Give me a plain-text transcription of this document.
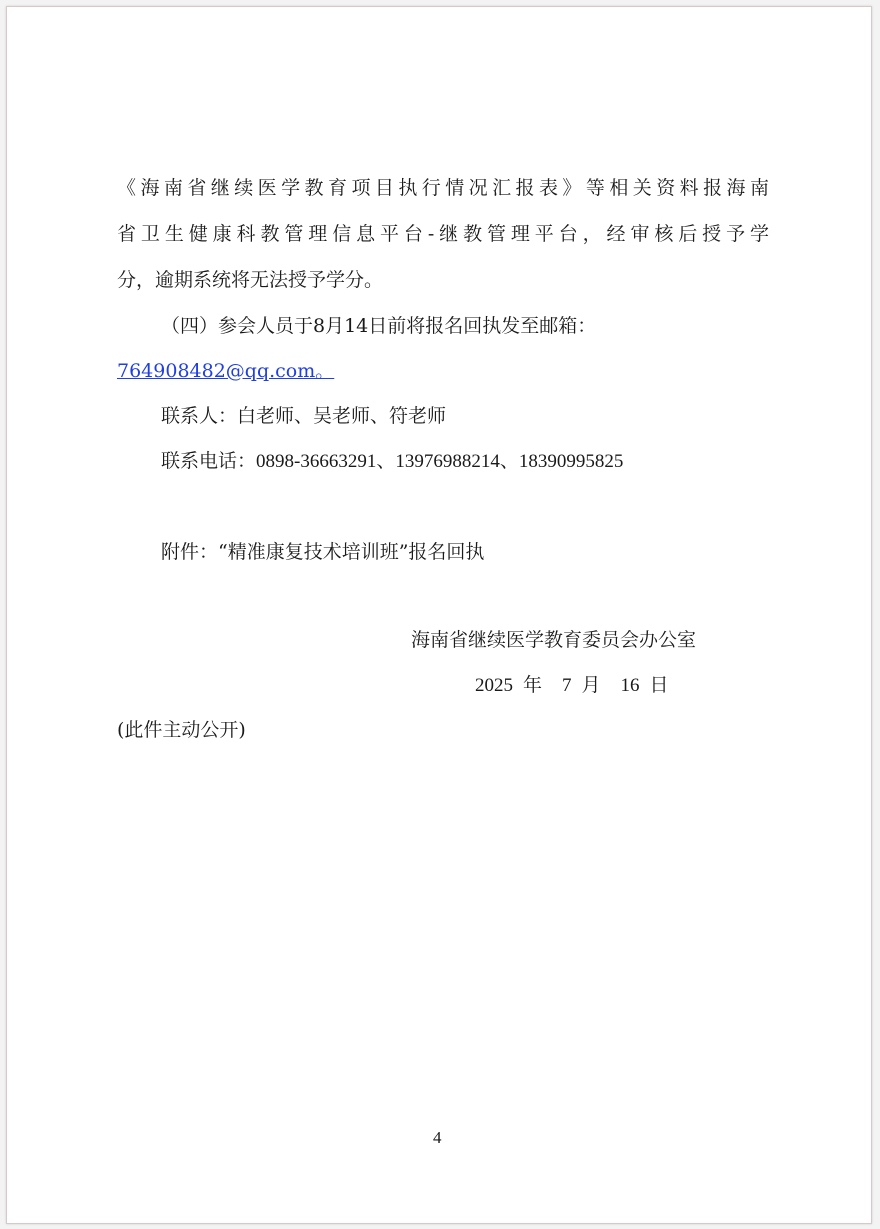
《海南省继续医学教育项目执行情况汇报表》等相关资料报海南
省卫生健康科教管理信息平台-继教管理平台，经审核后授予学
分，逾期系统将无法授予学分。
（四）参会人员于8月14日前将报名回执发至邮箱：
764908482@qq.com。
联系人：白老师、吴老师、符老师
联系电话：0898-36663291、13976988214、18390995825
附件：“精准康复技术培训班”报名回执
海南省继续医学教育委员会办公室
2025 年 7 月 16 日
(此件主动公开)
4
